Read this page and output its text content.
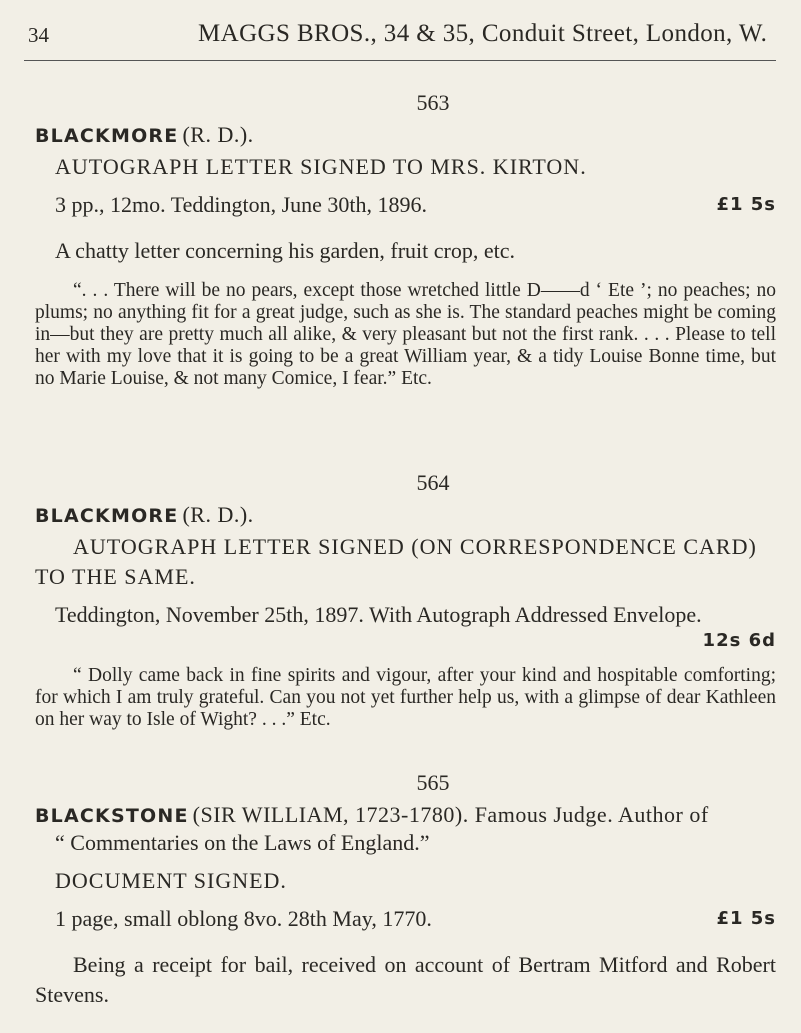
34	MAGGS BROS., 34 & 35, Conduit Street, London, W.
563
BLACKMORE (R. D.).
AUTOGRAPH LETTER SIGNED TO MRS. KIRTON.
3 pp., 12mo. Teddington, June 30th, 1896.	£1 5s
A chatty letter concerning his garden, fruit crop, etc.
“. . . There will be no pears, except those wretched little D——d ‘ Ete ’; no peaches; no plums; no anything fit for a great judge, such as she is. The standard peaches might be coming in—but they are pretty much all alike, & very pleasant but not the first rank. . . . Please to tell her with my love that it is going to be a great William year, & a tidy Louise Bonne time, but no Marie Louise, & not many Comice, I fear.” Etc.
564
BLACKMORE (R. D.).
AUTOGRAPH LETTER SIGNED (ON CORRESPONDENCE CARD) TO THE SAME.
Teddington, November 25th, 1897. With Autograph Addressed Envelope.
12s 6d
“ Dolly came back in fine spirits and vigour, after your kind and hospitable comforting; for which I am truly grateful. Can you not yet further help us, with a glimpse of dear Kathleen on her way to Isle of Wight? . . .” Etc.
565
BLACKSTONE (SIR WILLIAM, 1723-1780). Famous Judge. Author of
“ Commentaries on the Laws of England.”
DOCUMENT SIGNED.
1 page, small oblong 8vo. 28th May, 1770.	£1 5s
Being a receipt for bail, received on account of Bertram Mitford and Robert Stevens.
